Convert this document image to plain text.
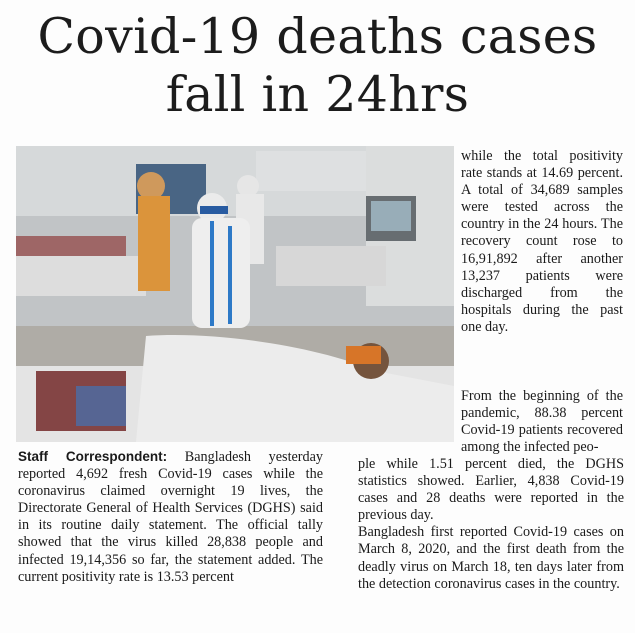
Covid-19 deaths cases
fall in 24hrs

while the total positivity rate stands at 14.69 percent. A total of 34,689 samples were tested across the country in the 24 hours. The recovery count rose to 16,91,892 after another 13,237 patients were discharged from the hospitals during the past one day.

From the beginning of the pandemic, 88.38 percent Covid-19 patients recovered among the infected peo-

Staff Correspondent: Bangladesh yesterday reported 4,692 fresh Covid-19 cases while the coronavirus claimed overnight 19 lives, the Directorate General of Health Services (DGHS) said in its routine daily statement. The official tally showed that the virus killed 28,838 people and infected 19,14,356 so far, the statement added. The current positivity rate is 13.53 percent

ple while 1.51 percent died, the DGHS statistics showed. Earlier, 4,838 Covid-19 cases and 28 deaths were reported in the previous day.

Bangladesh first reported Covid-19 cases on March 8, 2020, and the first death from the deadly virus on March 18, ten days later from the detection coronavirus cases in the country.
